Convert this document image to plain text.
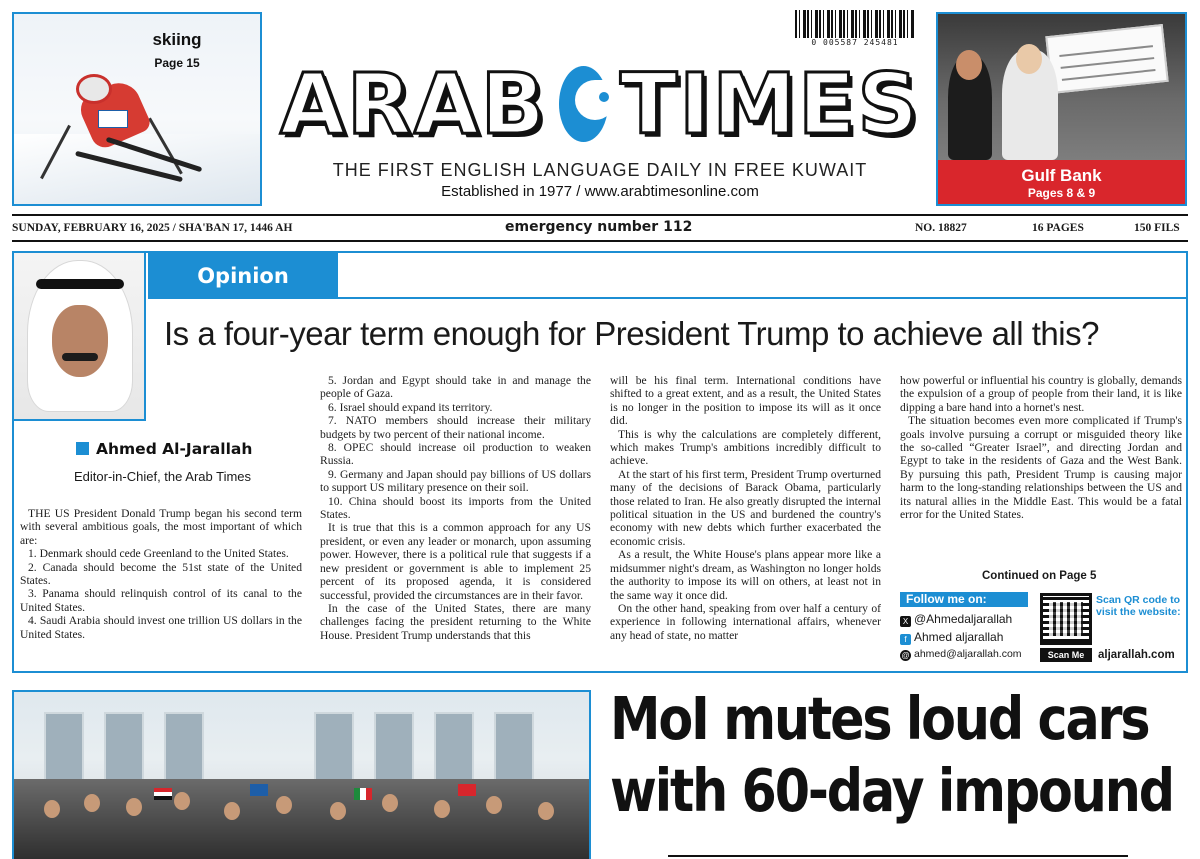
skiing
Page 15
0 005587 245481
ARAB TIMES
THE FIRST ENGLISH LANGUAGE DAILY IN FREE KUWAIT
Established in 1977 / www.arabtimesonline.com
Gulf Bank
Pages 8 & 9
SUNDAY, FEBRUARY 16, 2025 / SHA'BAN 17, 1446 AH	emergency number 112	NO. 18827	16 PAGES	150 FILS
Opinion
Is a four-year term enough for President Trump to achieve all this?
Ahmed Al-Jarallah
Editor-in-Chief, the Arab Times

THE US President Donald Trump began his second term with several ambitious goals, the most important of which are:

1. Denmark should cede Greenland to the United States.

2. Canada should become the 51st state of the United States.

3. Panama should relinquish control of its canal to the United States.

4. Saudi Arabia should invest one trillion US dollars in the United States.

5. Jordan and Egypt should take in and manage the people of Gaza.

6. Israel should expand its territory.

7. NATO members should increase their military budgets by two percent of their national income.

8. OPEC should increase oil production to weaken Russia.

9. Germany and Japan should pay billions of US dollars to support US military presence on their soil.

10. China should boost its imports from the United States.

It is true that this is a common approach for any US president, or even any leader or monarch, upon assuming power. However, there is a political rule that suggests if a new president or government is able to implement 25 percent of its proposed agenda, it is considered successful, provided the circumstances are in their favor.

In the case of the United States, there are many challenges facing the president returning to the White House. President Trump understands that this

will be his final term. International conditions have shifted to a great extent, and as a result, the United States is no longer in the position to impose its will as it once did.

This is why the calculations are completely different, which makes Trump's ambitions incredibly difficult to achieve.

At the start of his first term, President Trump overturned many of the decisions of Barack Obama, particularly those related to Iran. He also greatly disrupted the internal political situation in the US and burdened the country's economy with new debts which further exacerbated the economic crisis.

As a result, the White House's plans appear more like a midsummer night's dream, as Washington no longer holds the authority to impose its will on others, at least not in the same way it once did.

On the other hand, speaking from over half a century of experience in following international affairs, whenever any head of state, no matter

how powerful or influential his country is globally, demands the expulsion of a group of people from their land, it is like dipping a bare hand into a hornet's nest.

The situation becomes even more complicated if Trump's goals involve pursuing a corrupt or misguided theory like the so-called “Greater Israel”, and directing Jordan and Egypt to take in the residents of Gaza and the West Bank. By pursuing this path, President Trump is causing major harm to the long-standing relationships between the US and its natural allies in the Middle East. This would be a fatal error for the United States.

Continued on Page 5
Follow me on:
X @Ahmedaljarallah
f Ahmed aljarallah
@ ahmed@aljarallah.com
Scan QR code to visit the website:
Scan Me	aljarallah.com
MoI mutes loud cars
with 60-day impound
